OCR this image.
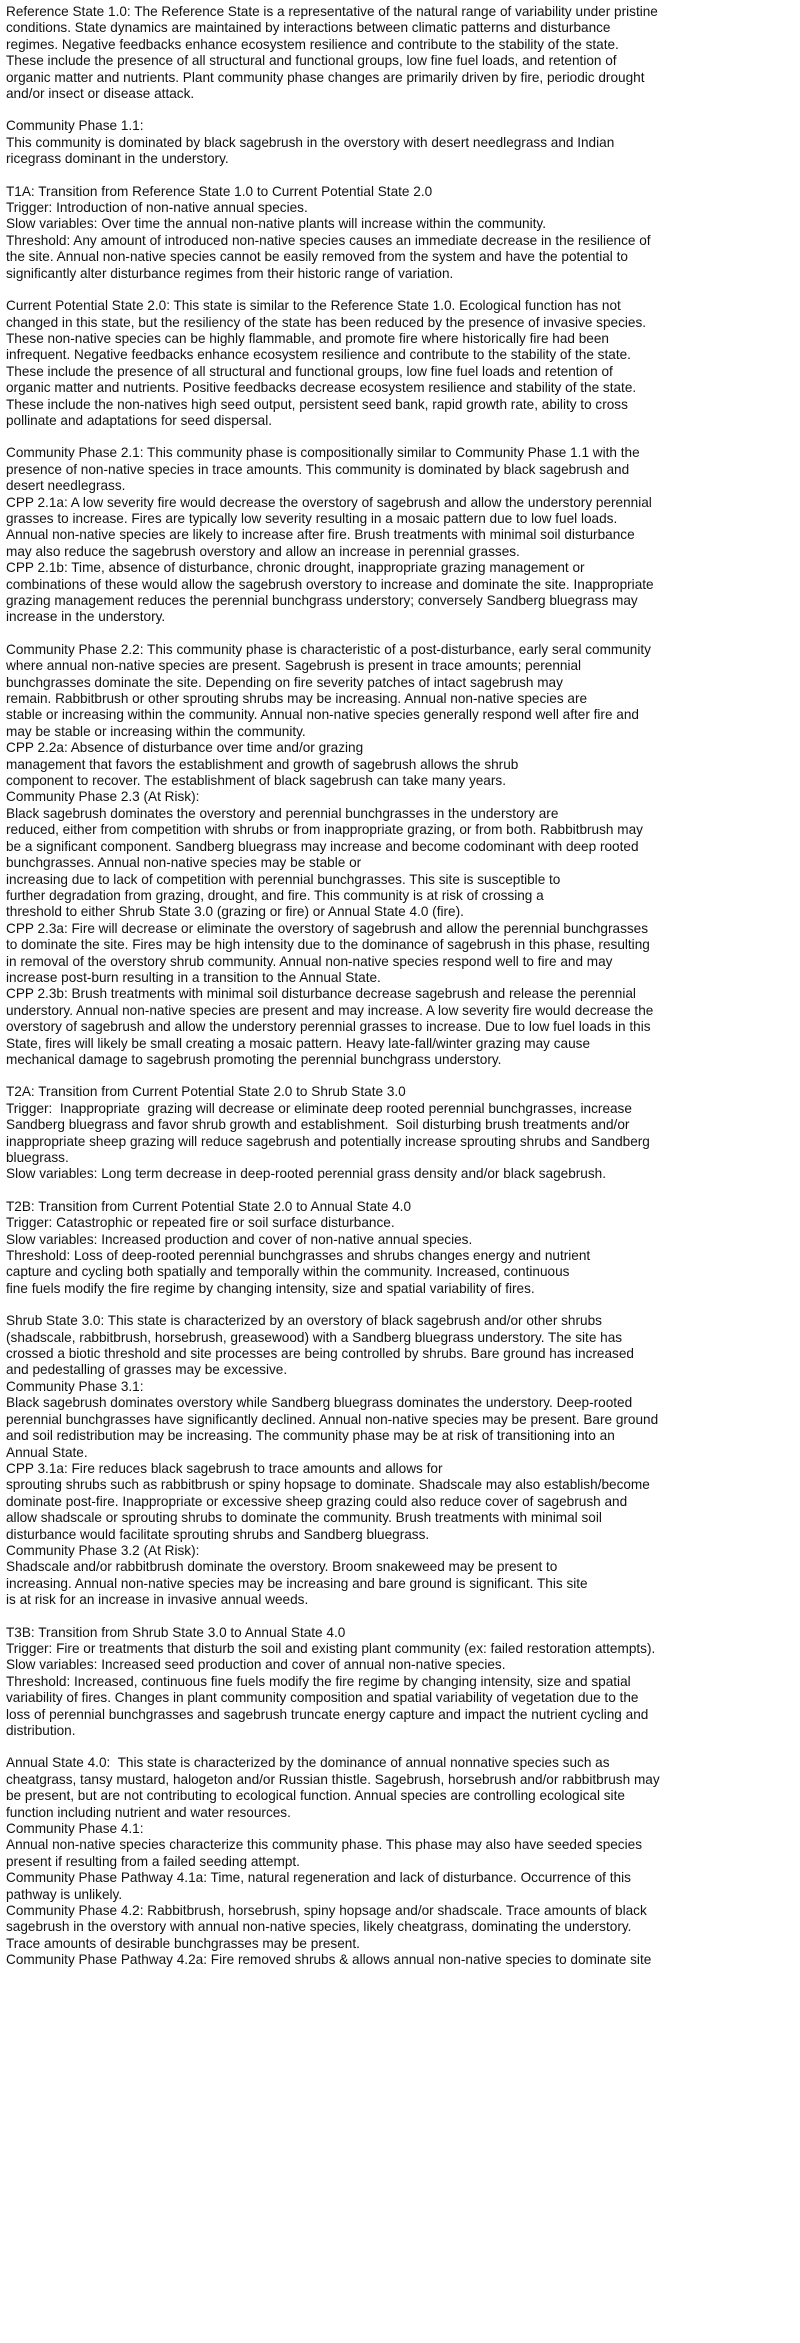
Reference State 1.0: The Reference State is a representative of the natural range of variability under pristine
conditions. State dynamics are maintained by interactions between climatic patterns and disturbance
regimes. Negative feedbacks enhance ecosystem resilience and contribute to the stability of the state.
These include the presence of all structural and functional groups, low fine fuel loads, and retention of
organic matter and nutrients. Plant community phase changes are primarily driven by fire, periodic drought
and/or insect or disease attack.
Community Phase 1.1:
This community is dominated by black sagebrush in the overstory with desert needlegrass and Indian
ricegrass dominant in the understory.
T1A: Transition from Reference State 1.0 to Current Potential State 2.0
Trigger: Introduction of non-native annual species.
Slow variables: Over time the annual non-native plants will increase within the community.
Threshold: Any amount of introduced non-native species causes an immediate decrease in the resilience of
the site. Annual non-native species cannot be easily removed from the system and have the potential to
significantly alter disturbance regimes from their historic range of variation.
Current Potential State 2.0: This state is similar to the Reference State 1.0. Ecological function has not
changed in this state, but the resiliency of the state has been reduced by the presence of invasive species.
These non-native species can be highly flammable, and promote fire where historically fire had been
infrequent. Negative feedbacks enhance ecosystem resilience and contribute to the stability of the state.
These include the presence of all structural and functional groups, low fine fuel loads and retention of
organic matter and nutrients. Positive feedbacks decrease ecosystem resilience and stability of the state.
These include the non-natives high seed output, persistent seed bank, rapid growth rate, ability to cross
pollinate and adaptations for seed dispersal.
Community Phase 2.1: This community phase is compositionally similar to Community Phase 1.1 with the
presence of non-native species in trace amounts. This community is dominated by black sagebrush and
desert needlegrass.
CPP 2.1a: A low severity fire would decrease the overstory of sagebrush and allow the understory perennial
grasses to increase. Fires are typically low severity resulting in a mosaic pattern due to low fuel loads.
Annual non-native species are likely to increase after fire. Brush treatments with minimal soil disturbance
may also reduce the sagebrush overstory and allow an increase in perennial grasses.
CPP 2.1b: Time, absence of disturbance, chronic drought, inappropriate grazing management or
combinations of these would allow the sagebrush overstory to increase and dominate the site. Inappropriate
grazing management reduces the perennial bunchgrass understory; conversely Sandberg bluegrass may
increase in the understory.
Community Phase 2.2: This community phase is characteristic of a post-disturbance, early seral community
where annual non-native species are present. Sagebrush is present in trace amounts; perennial
bunchgrasses dominate the site. Depending on fire severity patches of intact sagebrush may
remain. Rabbitbrush or other sprouting shrubs may be increasing. Annual non-native species are
stable or increasing within the community. Annual non-native species generally respond well after fire and
may be stable or increasing within the community.
CPP 2.2a: Absence of disturbance over time and/or grazing
management that favors the establishment and growth of sagebrush allows the shrub
component to recover. The establishment of black sagebrush can take many years.
Community Phase 2.3 (At Risk):
Black sagebrush dominates the overstory and perennial bunchgrasses in the understory are
reduced, either from competition with shrubs or from inappropriate grazing, or from both. Rabbitbrush may
be a significant component. Sandberg bluegrass may increase and become codominant with deep rooted
bunchgrasses. Annual non-native species may be stable or
increasing due to lack of competition with perennial bunchgrasses. This site is susceptible to
further degradation from grazing, drought, and fire. This community is at risk of crossing a
threshold to either Shrub State 3.0 (grazing or fire) or Annual State 4.0 (fire).
CPP 2.3a: Fire will decrease or eliminate the overstory of sagebrush and allow the perennial bunchgrasses
to dominate the site. Fires may be high intensity due to the dominance of sagebrush in this phase, resulting
in removal of the overstory shrub community. Annual non-native species respond well to fire and may
increase post-burn resulting in a transition to the Annual State.
CPP 2.3b: Brush treatments with minimal soil disturbance decrease sagebrush and release the perennial
understory. Annual non-native species are present and may increase. A low severity fire would decrease the
overstory of sagebrush and allow the understory perennial grasses to increase. Due to low fuel loads in this
State, fires will likely be small creating a mosaic pattern. Heavy late-fall/winter grazing may cause
mechanical damage to sagebrush promoting the perennial bunchgrass understory.
T2A: Transition from Current Potential State 2.0 to Shrub State 3.0
Trigger:  Inappropriate  grazing will decrease or eliminate deep rooted perennial bunchgrasses, increase
Sandberg bluegrass and favor shrub growth and establishment.  Soil disturbing brush treatments and/or
inappropriate sheep grazing will reduce sagebrush and potentially increase sprouting shrubs and Sandberg
bluegrass.
Slow variables: Long term decrease in deep-rooted perennial grass density and/or black sagebrush.
T2B: Transition from Current Potential State 2.0 to Annual State 4.0
Trigger: Catastrophic or repeated fire or soil surface disturbance.
Slow variables: Increased production and cover of non-native annual species.
Threshold: Loss of deep-rooted perennial bunchgrasses and shrubs changes energy and nutrient
capture and cycling both spatially and temporally within the community. Increased, continuous
fine fuels modify the fire regime by changing intensity, size and spatial variability of fires.
Shrub State 3.0: This state is characterized by an overstory of black sagebrush and/or other shrubs
(shadscale, rabbitbrush, horsebrush, greasewood) with a Sandberg bluegrass understory. The site has
crossed a biotic threshold and site processes are being controlled by shrubs. Bare ground has increased
and pedestalling of grasses may be excessive.
Community Phase 3.1:
Black sagebrush dominates overstory while Sandberg bluegrass dominates the understory. Deep-rooted
perennial bunchgrasses have significantly declined. Annual non-native species may be present. Bare ground
and soil redistribution may be increasing. The community phase may be at risk of transitioning into an
Annual State.
CPP 3.1a: Fire reduces black sagebrush to trace amounts and allows for
sprouting shrubs such as rabbitbrush or spiny hopsage to dominate. Shadscale may also establish/become
dominate post-fire. Inappropriate or excessive sheep grazing could also reduce cover of sagebrush and
allow shadscale or sprouting shrubs to dominate the community. Brush treatments with minimal soil
disturbance would facilitate sprouting shrubs and Sandberg bluegrass.
Community Phase 3.2 (At Risk):
Shadscale and/or rabbitbrush dominate the overstory. Broom snakeweed may be present to
increasing. Annual non-native species may be increasing and bare ground is significant. This site
is at risk for an increase in invasive annual weeds.
T3B: Transition from Shrub State 3.0 to Annual State 4.0
Trigger: Fire or treatments that disturb the soil and existing plant community (ex: failed restoration attempts).
Slow variables: Increased seed production and cover of annual non-native species.
Threshold: Increased, continuous fine fuels modify the fire regime by changing intensity, size and spatial
variability of fires. Changes in plant community composition and spatial variability of vegetation due to the
loss of perennial bunchgrasses and sagebrush truncate energy capture and impact the nutrient cycling and
distribution.
Annual State 4.0:  This state is characterized by the dominance of annual nonnative species such as
cheatgrass, tansy mustard, halogeton and/or Russian thistle. Sagebrush, horsebrush and/or rabbitbrush may
be present, but are not contributing to ecological function. Annual species are controlling ecological site
function including nutrient and water resources.
Community Phase 4.1:
Annual non-native species characterize this community phase. This phase may also have seeded species
present if resulting from a failed seeding attempt.
Community Phase Pathway 4.1a: Time, natural regeneration and lack of disturbance. Occurrence of this
pathway is unlikely.
Community Phase 4.2: Rabbitbrush, horsebrush, spiny hopsage and/or shadscale. Trace amounts of black
sagebrush in the overstory with annual non-native species, likely cheatgrass, dominating the understory.
Trace amounts of desirable bunchgrasses may be present.
Community Phase Pathway 4.2a: Fire removed shrubs & allows annual non-native species to dominate site
